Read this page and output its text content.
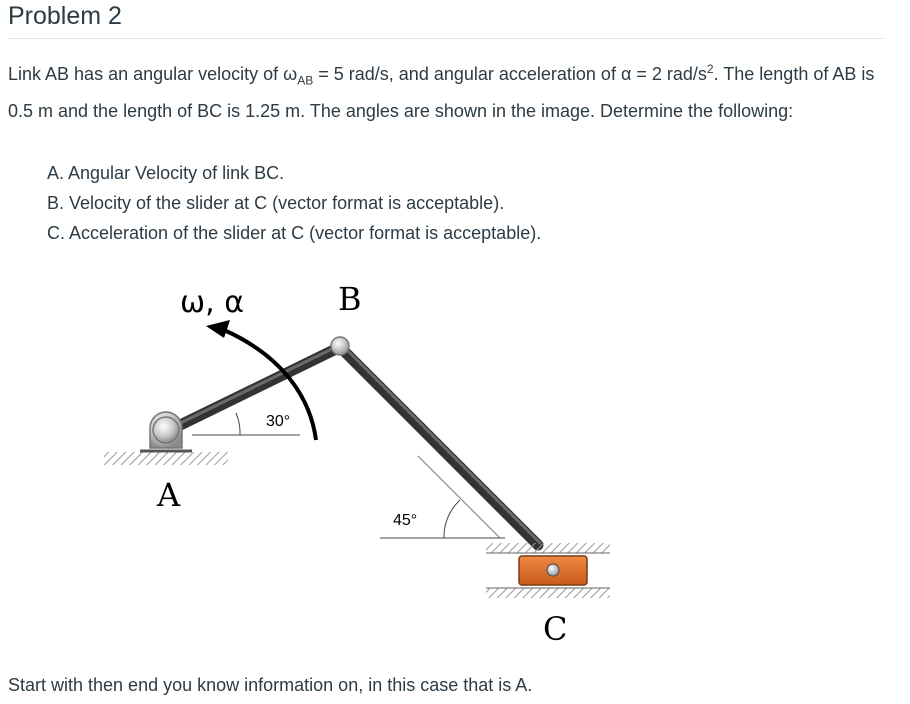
Problem 2
Link AB has an angular velocity of $\omega_{AB} = 5$ rad/s, and angular acceleration of α = 2 rad/$s^2$. The length of AB is 0.5 m and the length of BC is 1.25 m. The angles are shown in the image. Determine the following:
A. Angular Velocity of link BC.
B. Velocity of the slider at C (vector format is acceptable).
C. Acceleration of the slider at C (vector format is acceptable).
ω, α	B
30°
A
45°
C
Start with then end you know information on, in this case that is A.
